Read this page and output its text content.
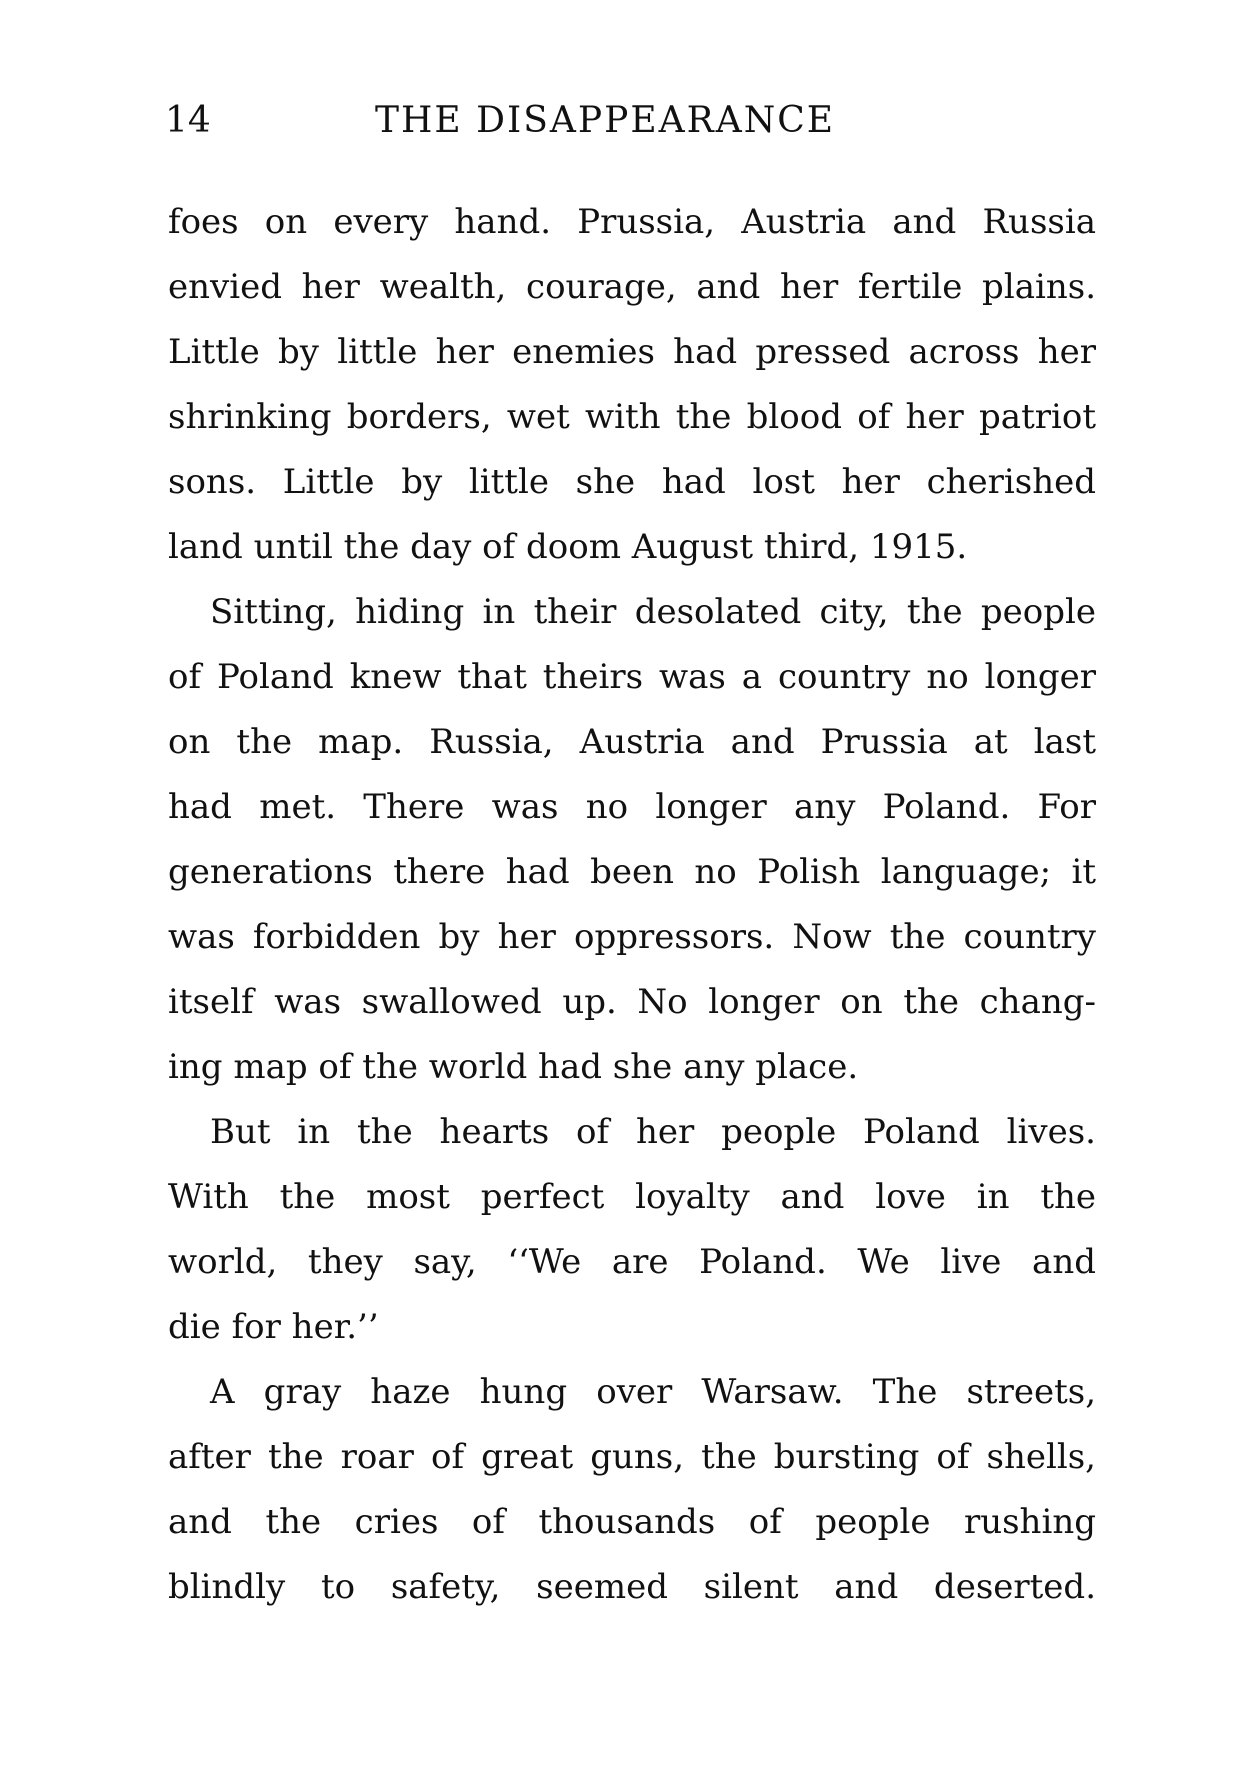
14	THE DISAPPEARANCE
foes on every hand. Prussia, Austria and Russia
envied her wealth, courage, and her fertile plains.
Little by little her enemies had pressed across her
shrinking borders, wet with the blood of her patriot
sons. Little by little she had lost her cherished
land until the day of doom August third, 1915.
Sitting, hiding in their desolated city, the people
of Poland knew that theirs was a country no longer
on the map. Russia, Austria and Prussia at last
had met. There was no longer any Poland. For
generations there had been no Polish language; it
was forbidden by her oppressors. Now the country
itself was swallowed up. No longer on the chang-
ing map of the world had she any place.
But in the hearts of her people Poland lives.
With the most perfect loyalty and love in the
world, they say, ‘‘We are Poland. We live and
die for her.’’
A gray haze hung over Warsaw. The streets,
after the roar of great guns, the bursting of shells,
and the cries of thousands of people rushing
blindly to safety, seemed silent and deserted.
